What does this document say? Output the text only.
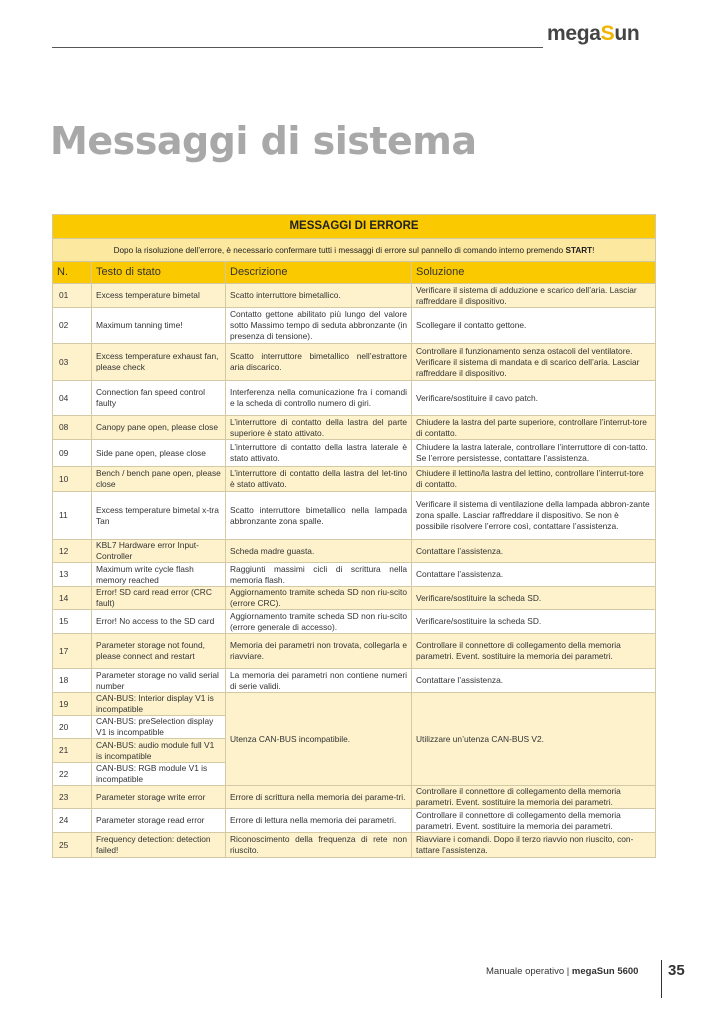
megaSun
Messaggi di sistema
MESSAGGI DI ERRORE			
Dopo la risoluzione dell’errore, è necessario confermare tutti i messaggi di errore sul pannello di comando interno premendo START!			
N.	Testo di stato	Descrizione	Soluzione
01	Excess temperature bimetal	Scatto interruttore bimetallico.	Verificare il sistema di adduzione e scarico dell’aria. Lasciar raffreddare il dispositivo.
02	Maximum tanning time!	Contatto gettone abilitato più lungo del valore sotto Massimo tempo di seduta abbronzante (in presenza di tensione).	Scollegare il contatto gettone.
03	Excess temperature exhaust fan, please check	Scatto interruttore bimetallico nell’estrattore aria discarico.	Controllare il funzionamento senza ostacoli del ventilatore. Verificare il sistema di mandata e di scarico dell’aria. Lasciar raffreddare il dispositivo.
04	Connection fan speed control faulty	Interferenza nella comunicazione fra i comandi e la scheda di controllo numero di giri.	Verificare/sostituire il cavo patch.
08	Canopy pane open, please close	L’interruttore di contatto della lastra del parte superiore è stato attivato.	Chiudere la lastra del parte superiore, controllare l’interrut-tore di contatto.
09	Side pane open, please close	L’interruttore di contatto della lastra laterale è stato attivato.	Chiudere la lastra laterale, controllare l’interruttore di con-tatto. Se l’errore persistesse, contattare l’assistenza.
10	Bench / bench pane open, please close	L’interruttore di contatto della lastra del let-tino è stato attivato.	Chiudere il lettino/la lastra del lettino, controllare l’interrut-tore di contatto.
11	Excess temperature bimetal x-tra Tan	Scatto interruttore bimetallico nella lampada abbronzante zona spalle.	Verificare il sistema di ventilazione della lampada abbron-zante zona spalle. Lasciar raffreddare il dispositivo. Se non è possibile risolvere l’errore così, contattare l’assistenza.
12	KBL7 Hardware error Input-Controller	Scheda madre guasta.	Contattare l’assistenza.
13	Maximum write cycle flash memory reached	Raggiunti massimi cicli di scrittura nella memoria flash.	Contattare l’assistenza.
14	Error! SD card read error (CRC fault)	Aggiornamento tramite scheda SD non riu-scito (errore CRC).	Verificare/sostituire la scheda SD.
15	Error! No access to the SD card	Aggiornamento tramite scheda SD non riu-scito (errore generale di accesso).	Verificare/sostituire la scheda SD.
17	Parameter storage not found, please connect and restart	Memoria dei parametri non trovata, collegarla e riavviare.	Controllare il connettore di collegamento della memoria parametri. Event. sostituire la memoria dei parametri.
18	Parameter storage no valid serial number	La memoria dei parametri non contiene numeri di serie validi.	Contattare l’assistenza.
19	CAN-BUS: Interior display V1 is incompatible	Utenza CAN-BUS incompatibile.	Utilizzare un’utenza CAN-BUS V2.
20	CAN-BUS: preSelection display V1 is incompatible		
21	CAN-BUS: audio module full V1 is incompatible		
22	CAN-BUS: RGB module V1 is incompatible		
23	Parameter storage write error	Errore di scrittura nella memoria dei parame-tri.	Controllare il connettore di collegamento della memoria parametri. Event. sostituire la memoria dei parametri.
24	Parameter storage read error	Errore di lettura nella memoria dei parametri.	Controllare il connettore di collegamento della memoria parametri. Event. sostituire la memoria dei parametri.
25	Frequency detection: detection failed!	Riconoscimento della frequenza di rete non riuscito.	Riavviare i comandi. Dopo il terzo riavvio non riuscito, con-tattare l’assistenza.
Manuale operativo | megaSun 5600 35
